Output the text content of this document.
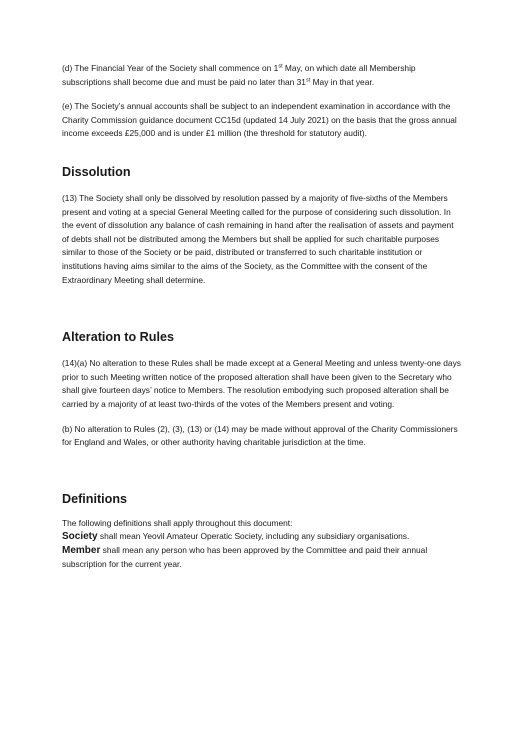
(d) The Financial Year of the Society shall commence on 1st May, on which date all Membership subscriptions shall become due and must be paid no later than 31st May in that year.

(e) The Society’s annual accounts shall be subject to an independent examination in accordance with the Charity Commission guidance document CC15d (updated 14 July 2021) on the basis that the gross annual income exceeds £25,000 and is under £1 million (the threshold for statutory audit).

Dissolution

(13) The Society shall only be dissolved by resolution passed by a majority of five-sixths of the Members present and voting at a special General Meeting called for the purpose of considering such dissolution. In the event of dissolution any balance of cash remaining in hand after the realisation of assets and payment of debts shall not be distributed among the Members but shall be applied for such charitable purposes similar to those of the Society or be paid, distributed or transferred to such charitable institution or institutions having aims similar to the aims of the Society, as the Committee with the consent of the Extraordinary Meeting shall determine.

Alteration to Rules

(14)(a) No alteration to these Rules shall be made except at a General Meeting and unless twenty-one days prior to such Meeting written notice of the proposed alteration shall have been given to the Secretary who shall give fourteen days’ notice to Members. The resolution embodying such proposed alteration shall be carried by a majority of at least two-thirds of the votes of the Members present and voting.

(b) No alteration to Rules (2), (3), (13) or (14) may be made without approval of the Charity Commissioners for England and Wales, or other authority having charitable jurisdiction at the time.

Definitions

The following definitions shall apply throughout this document:

Society shall mean Yeovil Amateur Operatic Society, including any subsidiary organisations.

Member shall mean any person who has been approved by the Committee and paid their annual subscription for the current year.
